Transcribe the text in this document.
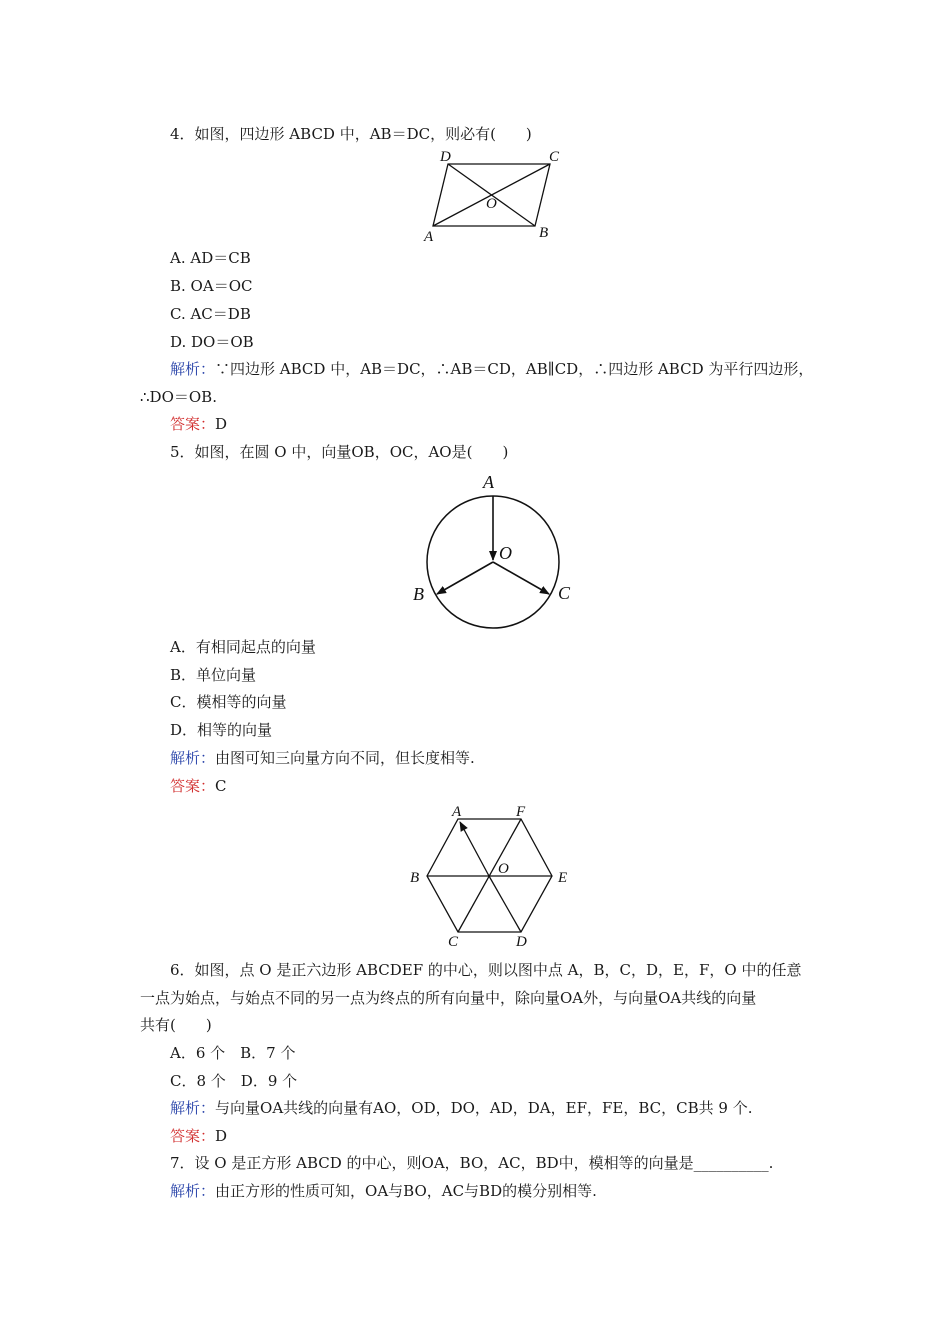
4．如图，四边形 ABCD 中，AB＝DC，则必有(　　)
D	C
O
A	B
A. AD＝CB
B. OA＝OC
C. AC＝DB
D. DO＝OB
解析：∵四边形 ABCD 中，AB＝DC，∴AB＝CD，AB∥CD，∴四边形 ABCD 为平行四边形，
∴DO＝OB.
答案：D
5．如图，在圆 O 中，向量OB，OC，AO是(　　)
A
O
B	C
A．有相同起点的向量
B．单位向量
C．模相等的向量
D．相等的向量
解析：由图可知三向量方向不同，但长度相等.
答案：C
A	F
O
B	E
C	D
6．如图，点 O 是正六边形 ABCDEF 的中心，则以图中点 A，B，C，D，E，F，O 中的任意
一点为始点，与始点不同的另一点为终点的所有向量中，除向量OA外，与向量OA共线的向量
共有(　　)
A．6 个　B．7 个
C．8 个　D．9 个
解析：与向量OA共线的向量有AO，OD，DO，AD，DA，EF，FE，BC，CB共 9 个.
答案：D
7．设 O 是正方形 ABCD 的中心，则OA，BO，AC，BD中，模相等的向量是__________.
解析：由正方形的性质可知，OA与BO，AC与BD的模分别相等.
